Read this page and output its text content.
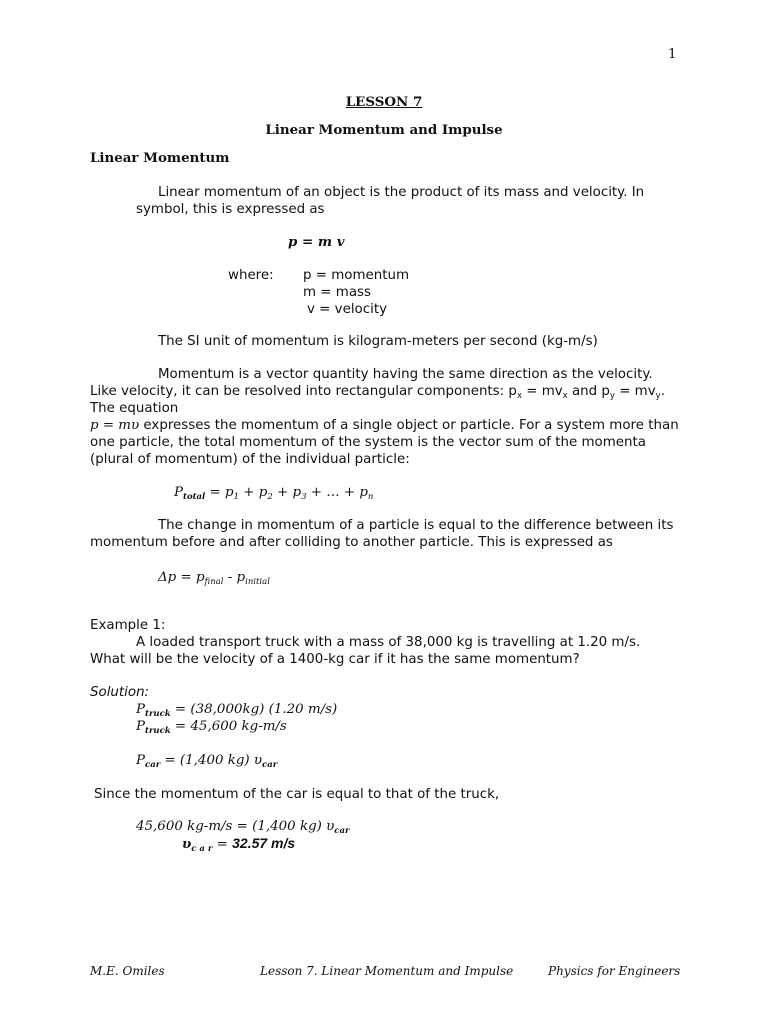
1
LESSON 7
Linear Momentum and Impulse
Linear Momentum
Linear momentum of an object is the product of its mass and velocity. In
symbol, this is expressed as
p = m v
where: p = momentum
m = mass
v = velocity
The SI unit of momentum is kilogram-meters per second (kg-m/s)
Momentum is a vector quantity having the same direction as the velocity.
Like velocity, it can be resolved into rectangular components: $p_x = mv_x$ and $p_y = mv_y$.
The equation
p = mυ expresses the momentum of a single object or particle. For a system more than
one particle, the total momentum of the system is the vector sum of the momenta
(plural of momentum) of the individual particle:
$P_{total} = p_1 + p_2 + p_3$ + … + $p_n$
The change in momentum of a particle is equal to the difference between its
momentum before and after colliding to another particle. This is expressed as
$\Delta p = p_{final} - p_{initial}$
Example 1:
A loaded transport truck with a mass of 38,000 kg is travelling at 1.20 m/s.
What will be the velocity of a 1400-kg car if it has the same momentum?
Solution:
$P_{truck} = (38,000kg)$ (1.20 m/s)
$P_{truck} = 45,600$ kg-m/s
$P_{car} = (1,400$ kg) $\upsilon_{car}$
Since the momentum of the car is equal to that of the truck,
45,600 kg-m/s = (1,400 kg) $\upsilon_{car}$
$\upsilon_{c a r} = 32.57$ m/s
M.E. Omiles	Lesson 7. Linear Momentum and Impulse	Physics for Engineers
